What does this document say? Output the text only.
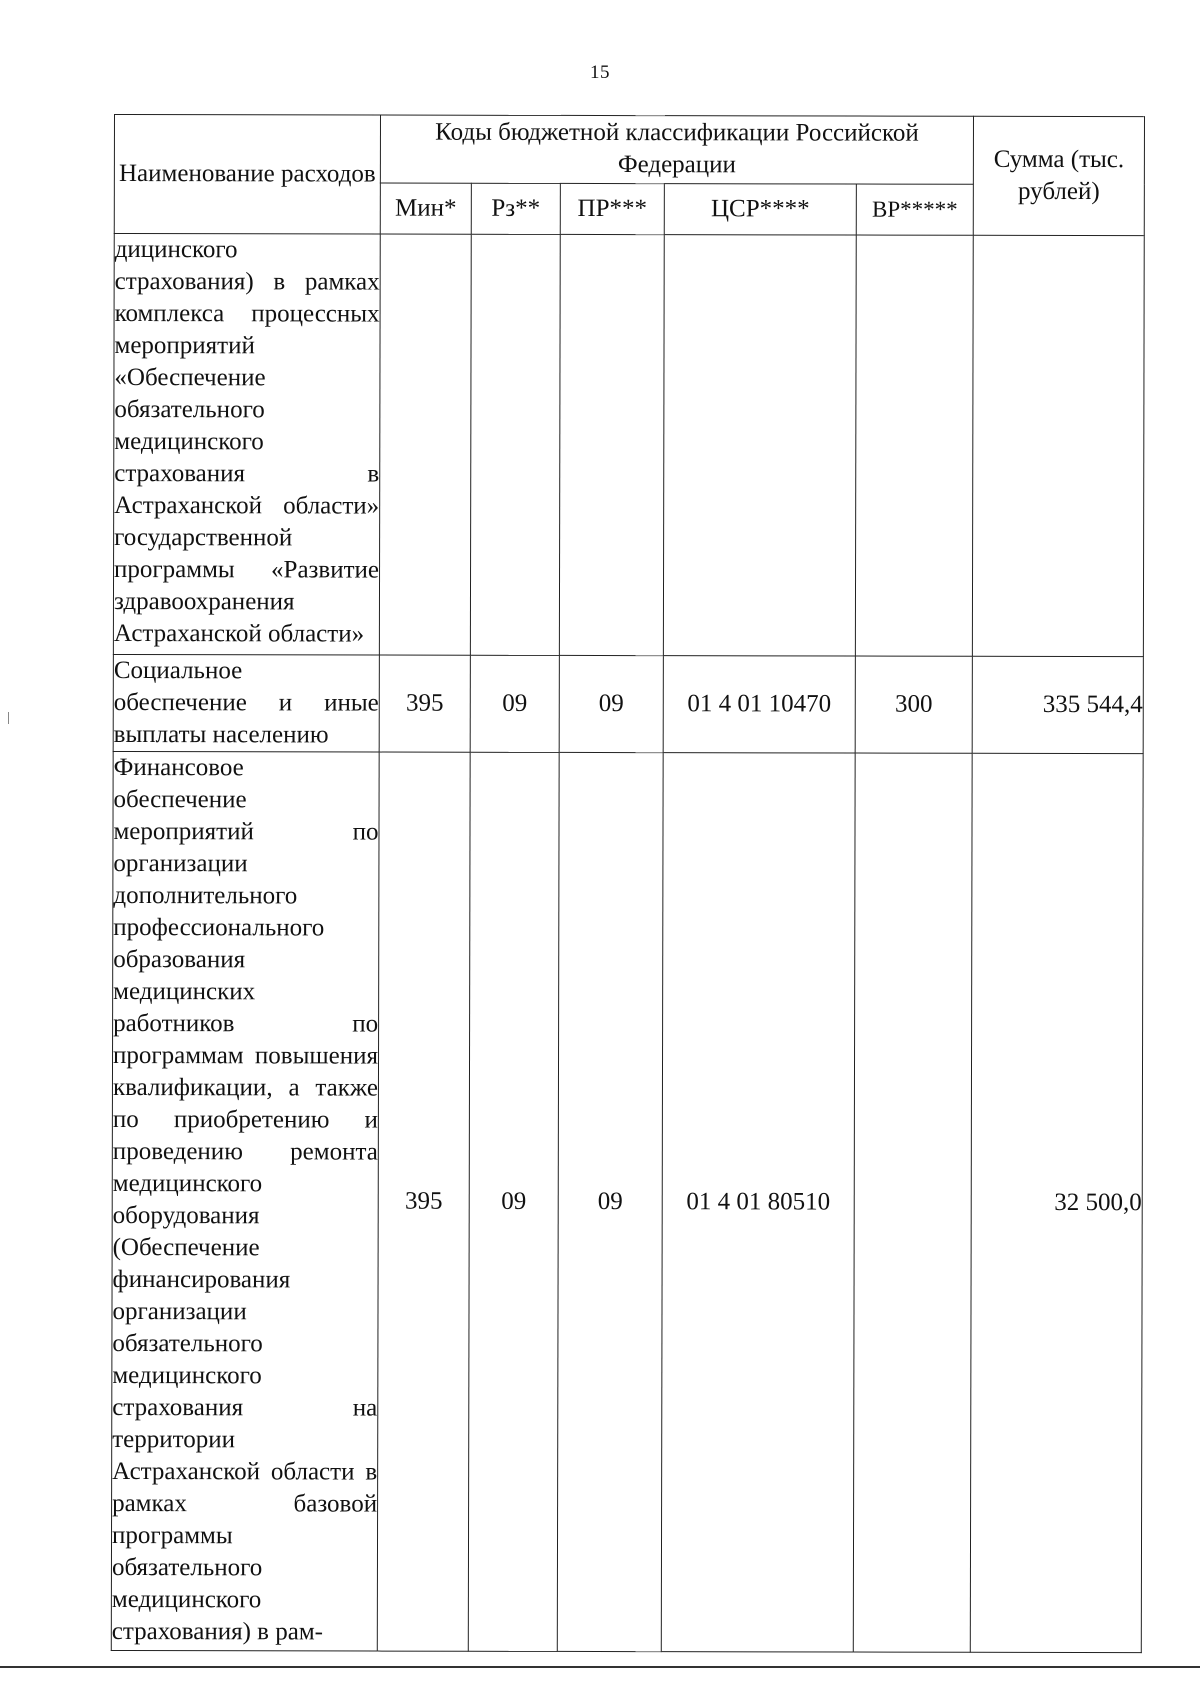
15
Наименование расходов	Коды бюджетной классификации Российской Федерации					Сумма (тыс. рублей)
	Мин*	Рз**	ПР***	ЦСР****	ВР*****	
дицинского страхования) в рамках комплекса процессных мероприятий «Обеспечение обязательного медицинского страхования в Астраханской области» государственной программы «Развитие здравоохранения Астраханской области»						
Социальное обеспечение и иные выплаты населению	395	09	09	01 4 01 10470	300	335 544,4
Финансовое обеспечение мероприятий по организации дополнительного профессионального образования медицинских работников по программам повышения квалификации, а также по приобретению и проведению ремонта медицинского оборудования (Обеспечение финансирования организации обязательного медицинского страхования на территории Астраханской области в рамках базовой программы обязательного медицинского страхования) в рам-	395	09	09	01 4 01 80510		32 500,0
